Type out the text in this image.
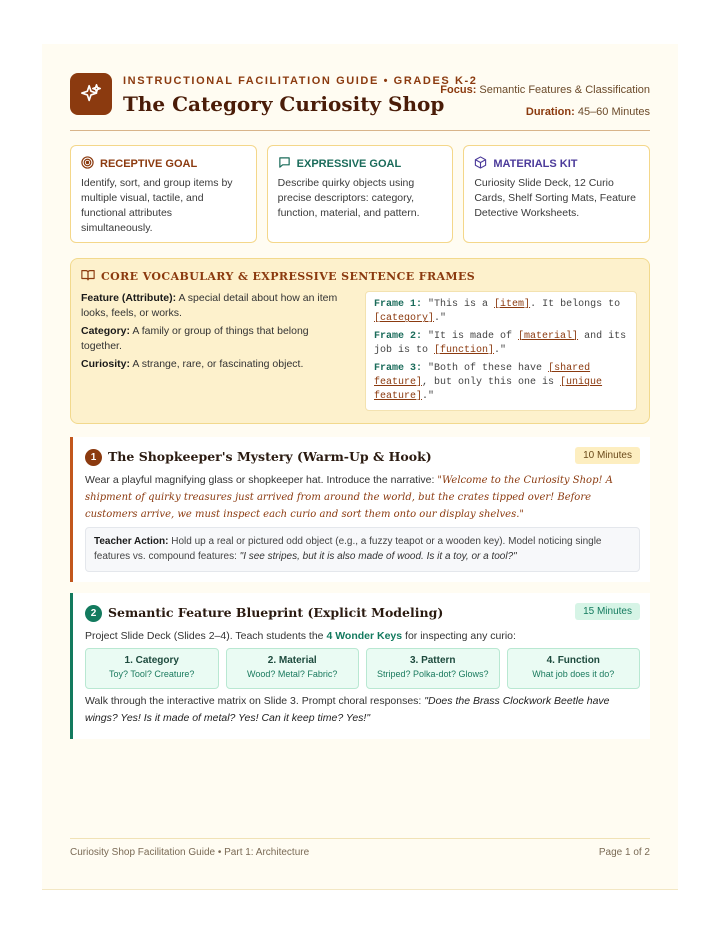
INSTRUCTIONAL FACILITATION GUIDE • GRADES K-2
The Category Curiosity Shop
Focus: Semantic Features & Classification
Duration: 45–60 Minutes
RECEPTIVE GOAL
Identify, sort, and group items by multiple visual, tactile, and functional attributes simultaneously.
EXPRESSIVE GOAL
Describe quirky objects using precise descriptors: category, function, material, and pattern.
MATERIALS KIT
Curiosity Slide Deck, 12 Curio Cards, Shelf Sorting Mats, Feature Detective Worksheets.
CORE VOCABULARY & EXPRESSIVE SENTENCE FRAMES

Feature (Attribute): A special detail about how an item looks, feels, or works.

Category: A family or group of things that belong together.

Curiosity: A strange, rare, or fascinating object.

Frame 1: "This is a [item]. It belongs to [category]."

Frame 2: "It is made of [material] and its job is to [function]."

Frame 3: "Both of these have [shared feature], but only this one is [unique feature]."

1 The Shopkeeper's Mystery (Warm-Up & Hook)	10 Minutes
Wear a playful magnifying glass or shopkeeper hat. Introduce the narrative: "Welcome to the Curiosity Shop! A shipment of quirky treasures just arrived from around the world, but the crates tipped over! Before customers arrive, we must inspect each curio and sort them onto our display shelves."
Teacher Action: Hold up a real or pictured odd object (e.g., a fuzzy teapot or a wooden key). Model noticing single features vs. compound features: "I see stripes, but it is also made of wood. Is it a toy, or a tool?"
2 Semantic Feature Blueprint (Explicit Modeling)	15 Minutes
Project Slide Deck (Slides 2–4). Teach students the 4 Wonder Keys for inspecting any curio:
1. Category
Toy? Tool? Creature?
2. Material
Wood? Metal? Fabric?
3. Pattern
Striped? Polka-dot? Glows?
4. Function
What job does it do?
Walk through the interactive matrix on Slide 3. Prompt choral responses: "Does the Brass Clockwork Beetle have wings? Yes! Is it made of metal? Yes! Can it keep time? Yes!"
Curiosity Shop Facilitation Guide • Part 1: Architecture	Page 1 of 2
